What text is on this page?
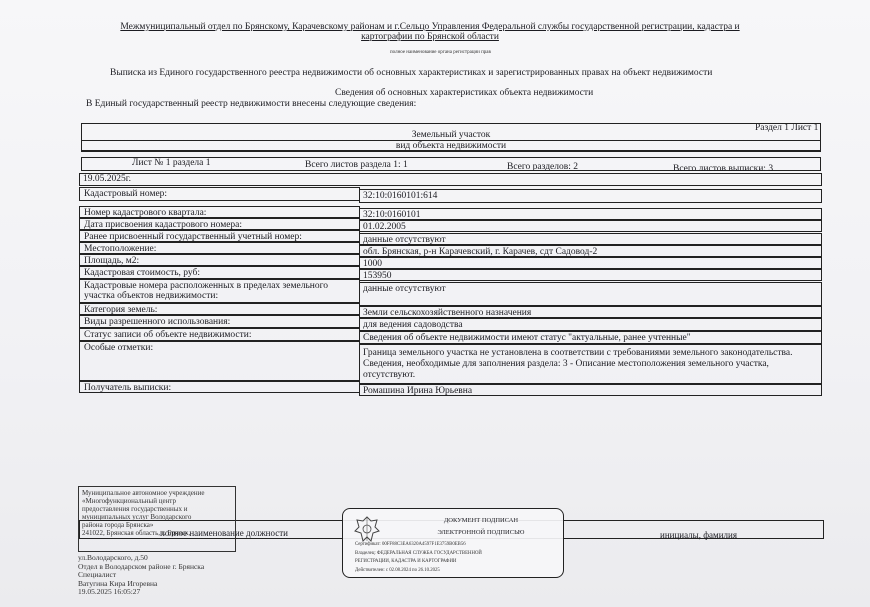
Межмуниципальный отдел по Брянскому, Карачевскому районам и г.Сельцо Управления Федеральной службы государственной регистрации, кадастра и картографии по Брянской области
полное наименование органа регистрации прав
Выписка из Единого государственного реестра недвижимости об основных характеристиках и зарегистрированных правах на объект недвижимости
Сведения об основных характеристиках объекта недвижимости
В Единый государственный реестр недвижимости внесены следующие сведения:
Раздел 1 Лист 1
Земельный участок
вид объекта недвижимости
Лист № 1 раздела 1	Всего листов раздела 1: 1	Всего разделов: 2	Всего листов выписки: 3
19.05.2025г.
Кадастровый номер:	32:10:0160101:614
Номер кадастрового квартала:	32:10:0160101
Дата присвоения кадастрового номера:	01.02.2005
Ранее присвоенный государственный учетный номер:	данные отсутствуют
Местоположение:	обл. Брянская, р-н Карачевский, г. Карачев, сдт Садовод-2
Площадь, м2:	1000
Кадастровая стоимость, руб:	153950
Кадастровые номера расположенных в пределах земельного участка объектов недвижимости:
данные отсутствуют
Категория земель:	Земли сельскохозяйственного назначения
Виды разрешенного использования:	для ведения садоводства
Статус записи об объекте недвижимости:	Сведения об объекте недвижимости имеют статус "актуальные, ранее учтенные"
Особые отметки:	Граница земельного участка не установлена в соответствии с требованиями земельного законодательства. Сведения, необходимые для заполнения раздела: 3 - Описание местоположения земельного участка, отсутствуют.
Получатель выписки:	Ромашина Ирина Юрьевна
полное наименование должности	инициалы, фамилия
Муниципальное автономное учреждение
«Многофункциональный центр
предоставления государственных и
муниципальных услуг Володарского
района города Брянска»
241022, Брянская область, г. Брянск,
ул.Володарского, д.50
Отдел в Володарском районе г. Брянска
Специалист
Ватугина Кира Игоревна
19.05.2025 16:05:27
ДОКУМЕНТ ПОДПИСАН
ЭЛЕКТРОННОЙ ПОДПИСЬЮ
Сертификат: 00FF88C3EA6320A4597F1E3759B0EB56
Владелец: ФЕДЕРАЛЬНАЯ СЛУЖБА ГОСУДАРСТВЕННОЙ
РЕГИСТРАЦИИ, КАДАСТРА И КАРТОГРАФИИ
Действителен: с 02.08.2024 по 26.10.2025
